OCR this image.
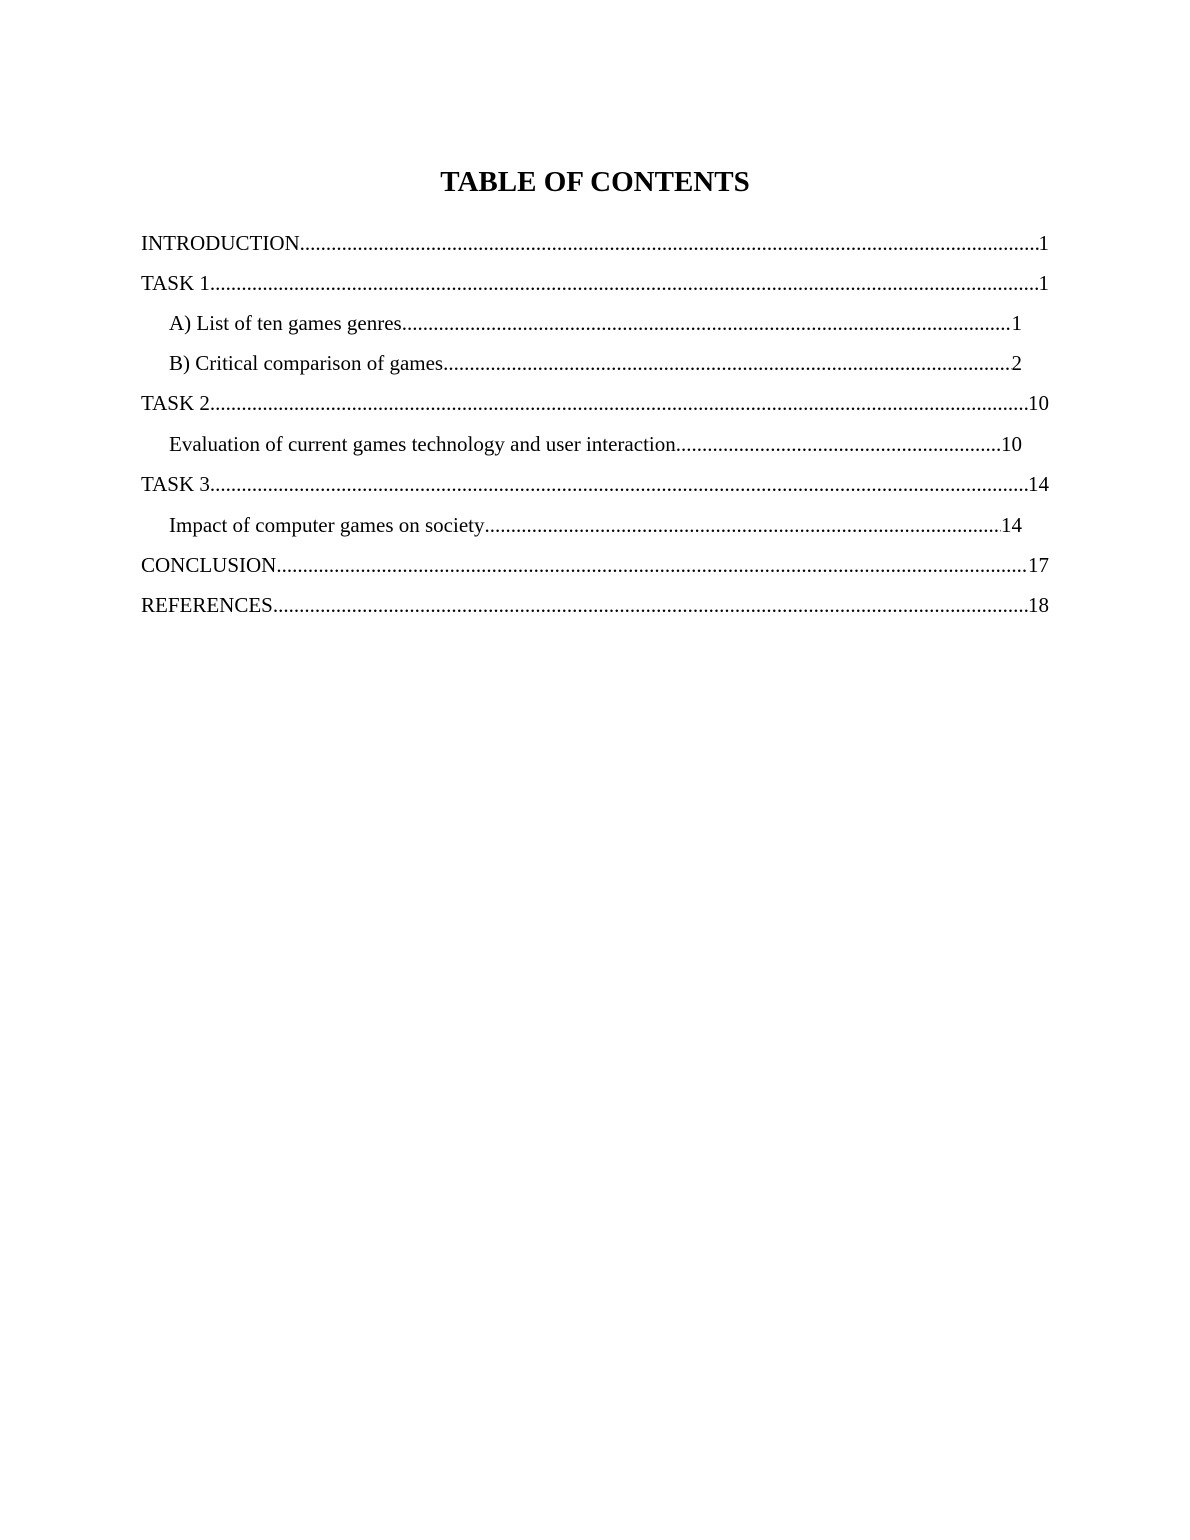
TABLE OF CONTENTS
INTRODUCTION .....	1
TASK 1 .....	1
A) List of ten games genres .....	1
B) Critical comparison of games .....	2
TASK 2 .....	10
Evaluation of current games technology and user interaction .....	10
TASK 3 .....	14
Impact of computer games on society .....	14
CONCLUSION .....	17
REFERENCES .....	18
